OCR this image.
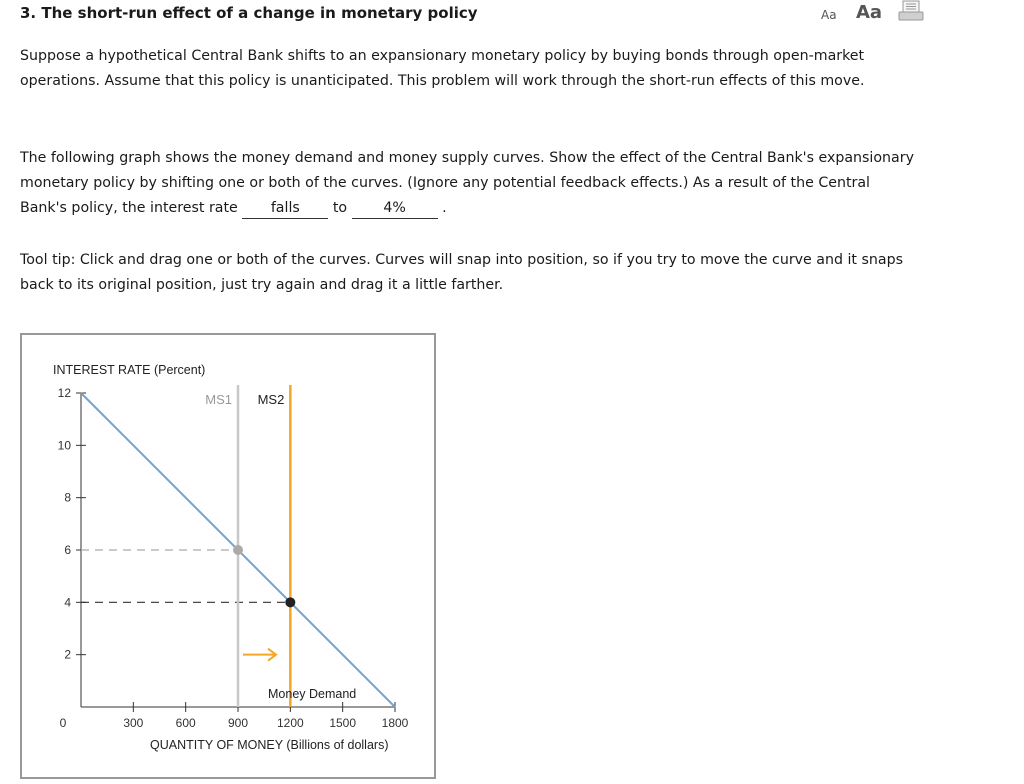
3. The short-run effect of a change in monetary policy	Aa Aa

Suppose a hypothetical Central Bank shifts to an expansionary monetary policy by buying bonds through open-market operations. Assume that this policy is unanticipated. This problem will work through the short-run effects of this move.

The following graph shows the money demand and money supply curves. Show the effect of the Central Bank's expansionary monetary policy by shifting one or both of the curves. (Ignore any potential feedback effects.) As a result of the Central Bank's policy, the interest rate falls to	4%	.

Tool tip: Click and drag one or both of the curves. Curves will snap into position, so if you try to move the curve and it snaps back to its original position, just try again and drag it a little farther.

INTEREST RATE (Percent)
QUANTITY OF MONEY (Billions of dollars)
2
4
6
8
10
12
0	300	600	900 1200 1500 1800
MS1 MS2
Money Demand
